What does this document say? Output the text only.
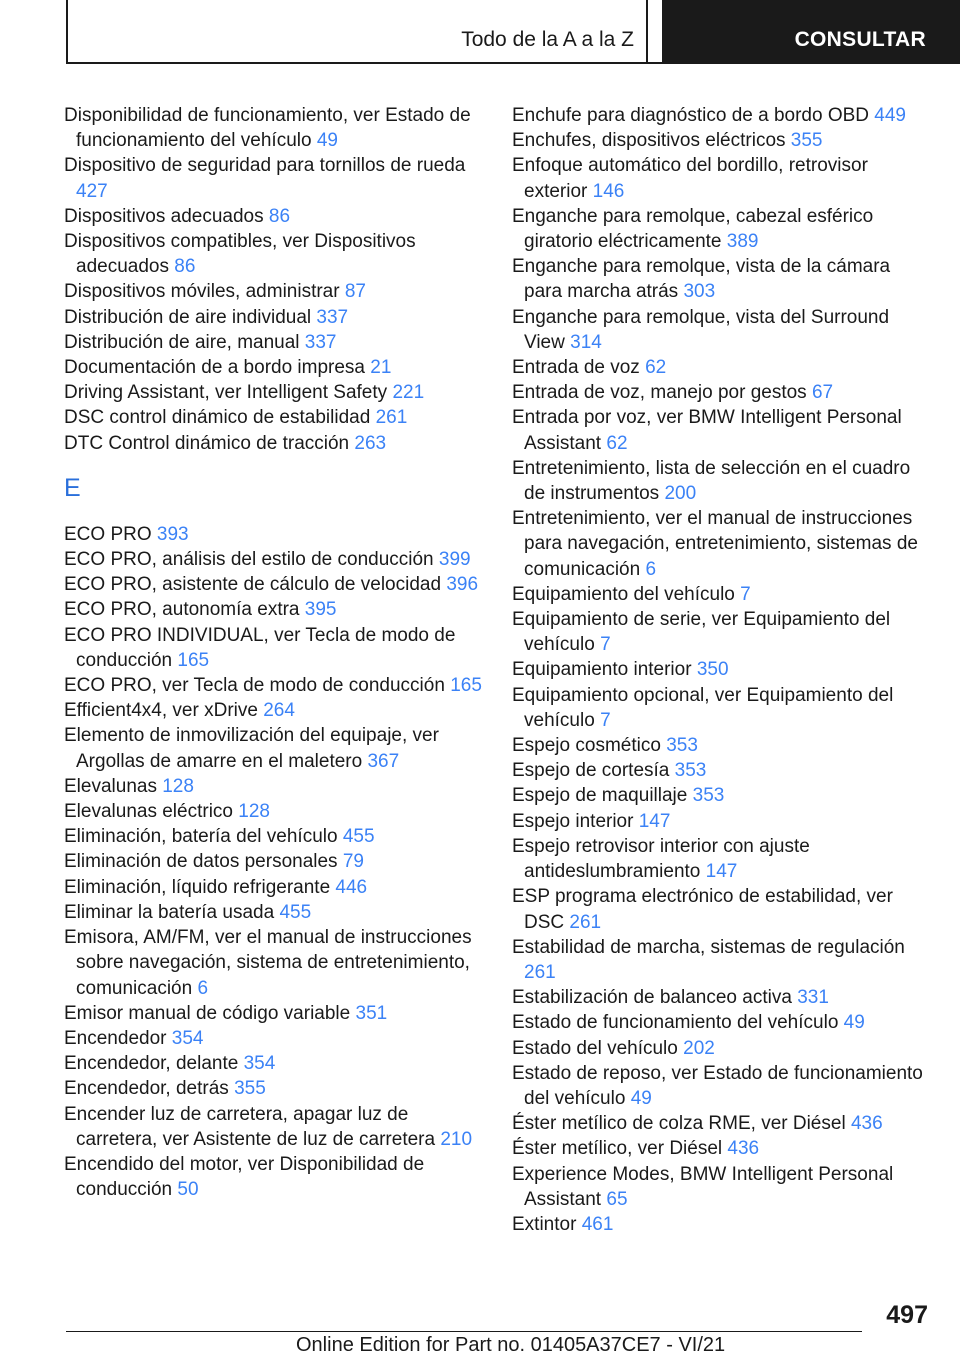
Todo de la A a la Z	CONSULTAR
Disponibilidad de funcionamiento, ver Estado de funcionamiento del vehículo 49
Dispositivo de seguridad para tornillos de rueda 427
Dispositivos adecuados 86
Dispositivos compatibles, ver Dispositivos adecuados 86
Dispositivos móviles, administrar 87
Distribución de aire individual 337
Distribución de aire, manual 337
Documentación de a bordo impresa 21
Driving Assistant, ver Intelligent Safety 221
DSC control dinámico de estabilidad 261
DTC Control dinámico de tracción 263
E
ECO PRO 393
ECO PRO, análisis del estilo de conducción 399
ECO PRO, asistente de cálculo de velocidad 396
ECO PRO, autonomía extra 395
ECO PRO INDIVIDUAL, ver Tecla de modo de conducción 165
ECO PRO, ver Tecla de modo de conducción 165
Efficient4x4, ver xDrive 264
Elemento de inmovilización del equipaje, ver Argollas de amarre en el maletero 367
Elevalunas 128
Elevalunas eléctrico 128
Eliminación, batería del vehículo 455
Eliminación de datos personales 79
Eliminación, líquido refrigerante 446
Eliminar la batería usada 455
Emisora, AM/FM, ver el manual de instrucciones sobre navegación, sistema de entretenimiento, comunicación 6
Emisor manual de código variable 351
Encendedor 354
Encendedor, delante 354
Encendedor, detrás 355
Encender luz de carretera, apagar luz de carretera, ver Asistente de luz de carretera 210
Encendido del motor, ver Disponibilidad de conducción 50
Enchufe para diagnóstico de a bordo OBD 449
Enchufes, dispositivos eléctricos 355
Enfoque automático del bordillo, retrovisor exterior 146
Enganche para remolque, cabezal esférico giratorio eléctricamente 389
Enganche para remolque, vista de la cámara para marcha atrás 303
Enganche para remolque, vista del Surround View 314
Entrada de voz 62
Entrada de voz, manejo por gestos 67
Entrada por voz, ver BMW Intelligent Personal Assistant 62
Entretenimiento, lista de selección en el cuadro de instrumentos 200
Entretenimiento, ver el manual de instrucciones para navegación, entretenimiento, sistemas de comunicación 6
Equipamiento del vehículo 7
Equipamiento de serie, ver Equipamiento del vehículo 7
Equipamiento interior 350
Equipamiento opcional, ver Equipamiento del vehículo 7
Espejo cosmético 353
Espejo de cortesía 353
Espejo de maquillaje 353
Espejo interior 147
Espejo retrovisor interior con ajuste antideslumbramiento 147
ESP programa electrónico de estabilidad, ver DSC 261
Estabilidad de marcha, sistemas de regulación 261
Estabilización de balanceo activa 331
Estado de funcionamiento del vehículo 49
Estado del vehículo 202
Estado de reposo, ver Estado de funcionamiento del vehículo 49
Éster metílico de colza RME, ver Diésel 436
Éster metílico, ver Diésel 436
Experience Modes, BMW Intelligent Personal Assistant 65
Extintor 461
497
Online Edition for Part no. 01405A37CE7 - VI/21
